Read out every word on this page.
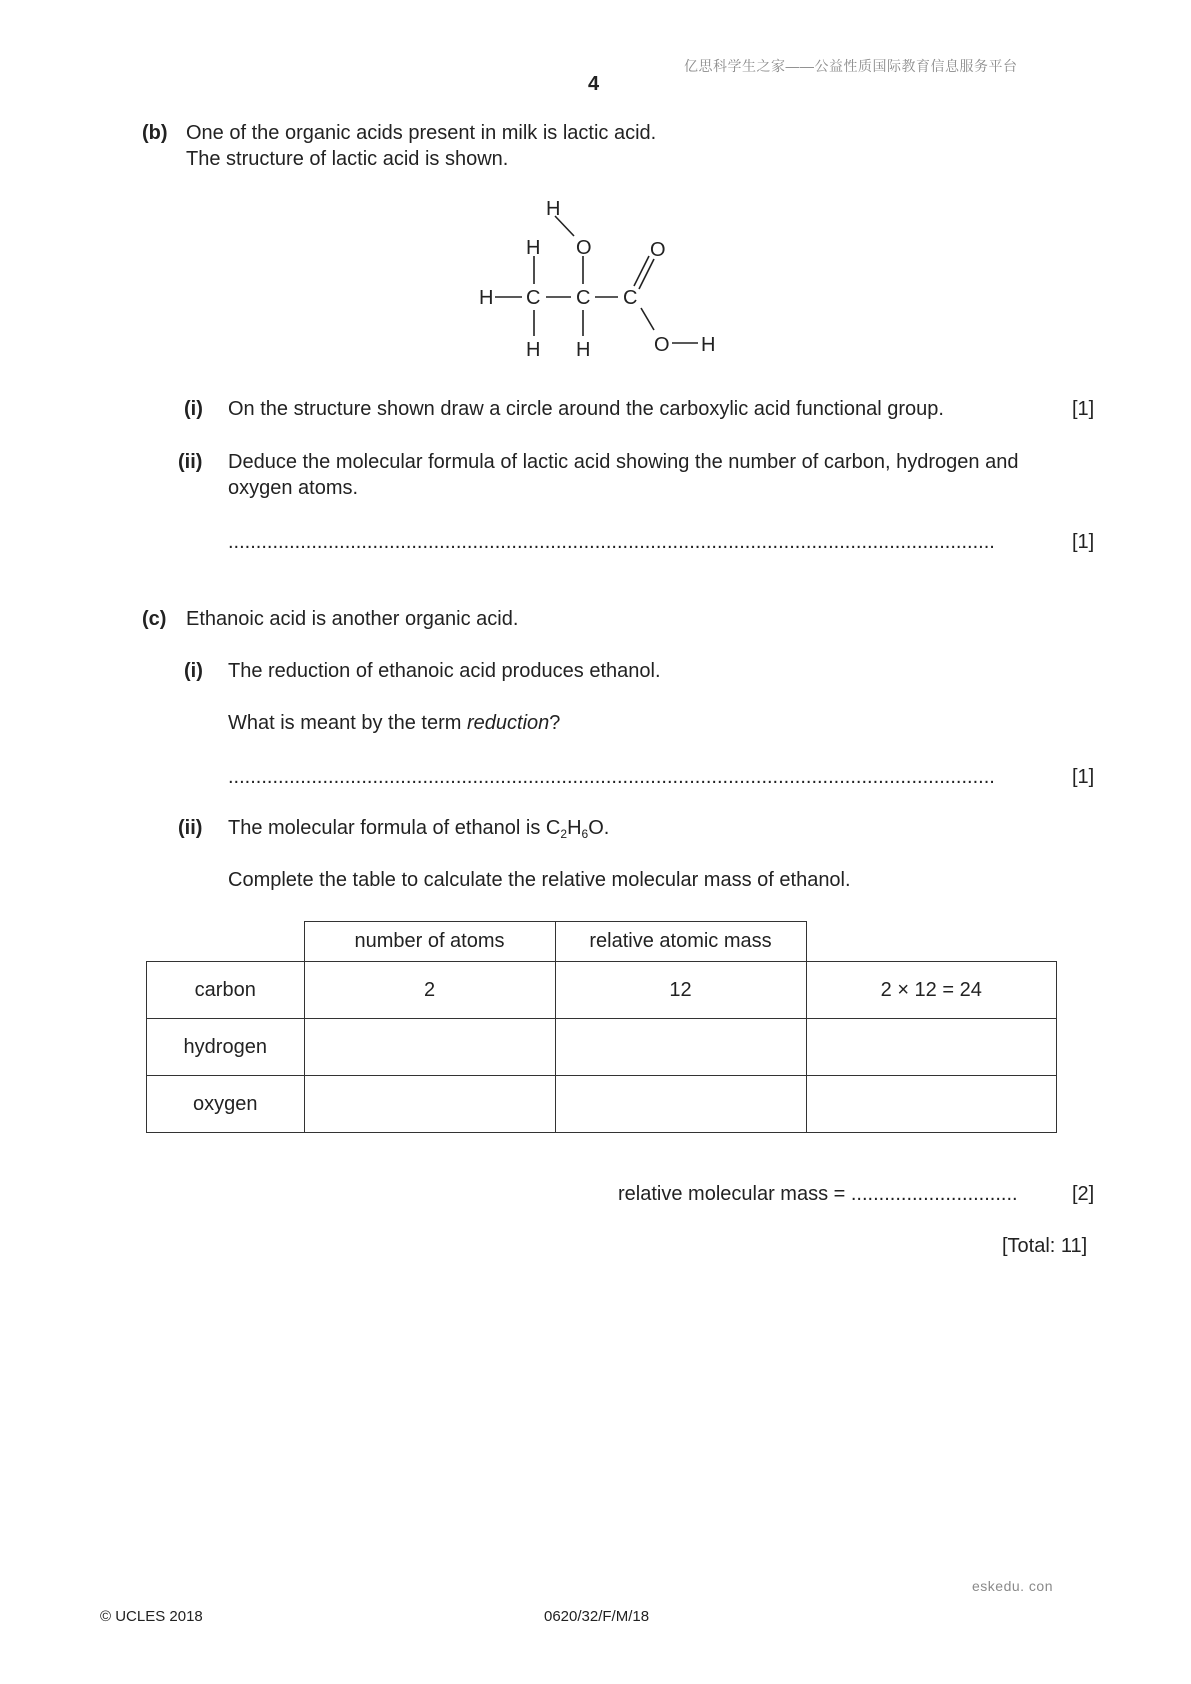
亿思科学生之家——公益性质国际教育信息服务平台
4
(b) One of the organic acids present in milk is lactic acid.
The structure of lactic acid is shown.
H
H O	O
H C C C
H H	O H
(i) On the structure shown draw a circle around the carboxylic acid functional group.	[1]
(ii) Deduce the molecular formula of lactic acid showing the number of carbon, hydrogen and
oxygen atoms.
..........................................................................................................................................	[1]
(c) Ethanoic acid is another organic acid.
(i) The reduction of ethanoic acid produces ethanol.
What is meant by the term reduction?
..........................................................................................................................................	[1]
(ii) The molecular formula of ethanol is $C_2H_6O$.
Complete the table to calculate the relative molecular mass of ethanol.
	number of atoms	relative atomic mass	
carbon	2	12	2 × 12 = 24
hydrogen			
oxygen			
relative molecular mass = ..............................	[2]
[Total: 11]
eskedu. con
© UCLES 2018	0620/32/F/M/18
